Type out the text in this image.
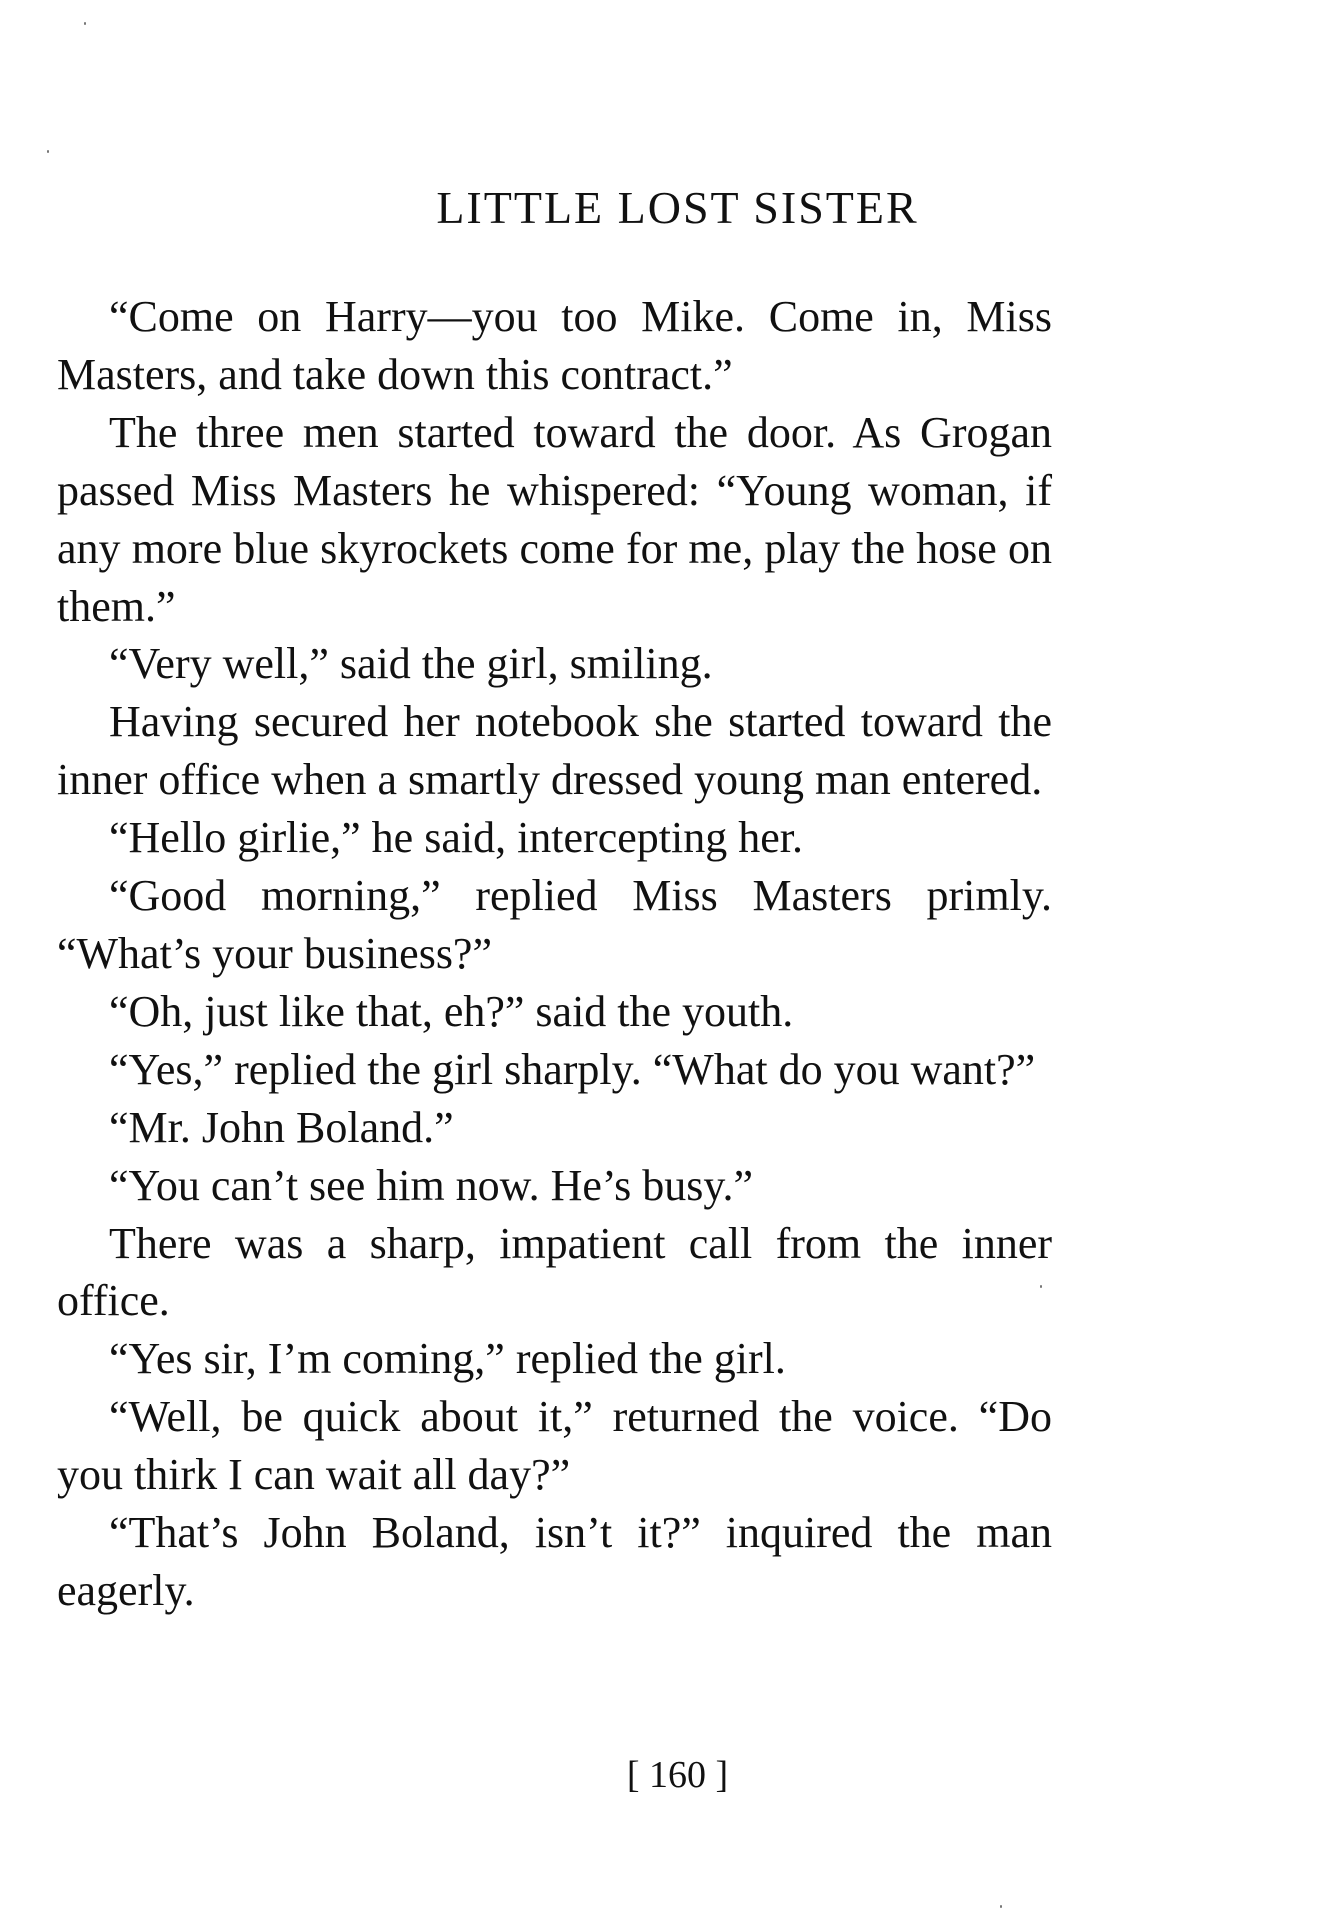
LITTLE LOST SISTER

“Come on Harry—you too Mike. Come in, Miss Masters, and take down this contract.”

The three men started toward the door. As Grogan passed Miss Masters he whispered: “Young woman, if any more blue skyrockets come for me, play the hose on them.”

“Very well,” said the girl, smiling.

Having secured her notebook she started toward the inner office when a smartly dressed young man entered.

“Hello girlie,” he said, intercepting her.

“Good morning,” replied Miss Masters primly. “What’s your business?”

“Oh, just like that, eh?” said the youth.

“Yes,” replied the girl sharply. “What do you want?”

“Mr. John Boland.”

“You can’t see him now. He’s busy.”

There was a sharp, impatient call from the inner office.

“Yes sir, I’m coming,” replied the girl.

“Well, be quick about it,” returned the voice. “Do you thirk I can wait all day?”

“That’s John Boland, isn’t it?” inquired the man eagerly.

[ 160 ]
